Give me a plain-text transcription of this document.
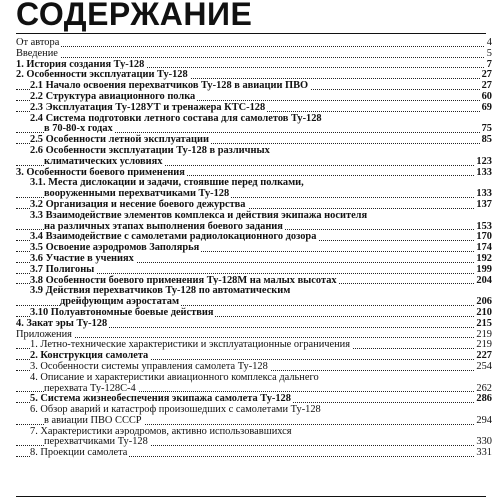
СОДЕРЖАНИЕ
От автора	4
Введение	5
1. История создания Ту-128	7
2. Особенности эксплуатации Ту-128	27
2.1 Начало освоения перехватчиков Ту-128 в авиации ПВО	27
2.2 Структура авиационного полка	60
2.3 Эксплуатация Ту-128УТ и тренажера КТС-128	69
2.4 Система подготовки летного состава для самолетов Ту-128
в 70-80-х годах	75
2.5 Особенности летной эксплуатации	85
2.6 Особенности эксплуатации Ту-128 в различных
климатических условиях	123
3. Особенности боевого применения	133
3.1. Места дислокации и задачи, стоявшие перед полками,
вооруженными перехватчиками Ту-128	133
3.2 Организация и несение боевого дежурства	137
3.3 Взаимодействие элементов комплекса и действия экипажа носителя
на различных этапах выполнения боевого задания	153
3.4 Взаимодействие с самолетами радиолокационного дозора	170
3.5 Освоение аэродромов Заполярья	174
3.6 Участие в учениях	192
3.7 Полигоны	199
3.8 Особенности боевого применения Ту-128М на малых высотах	204
3.9 Действия перехватчиков Ту-128 по автоматическим
дрейфующим аэростатам	206
3.10 Полуавтономные боевые действия	210
4. Закат эры Ту-128	215
Приложения	219
1. Летно-технические характеристики и эксплуатационные ограничения	219
2. Конструкция самолета	227
3. Особенности системы управления самолета Ту-128	254
4. Описание и характеристики авиационного комплекса дальнего
перехвата Ту-128С-4	262
5. Система жизнеобеспечения экипажа самолета Ту-128	286
6. Обзор аварий и катастроф произошедших с самолетами Ту-128
в авиации ПВО СССР	294
7. Характеристики аэродромов, активно использовавшихся
перехватчиками Ту-128	330
8. Проекции самолета	331
